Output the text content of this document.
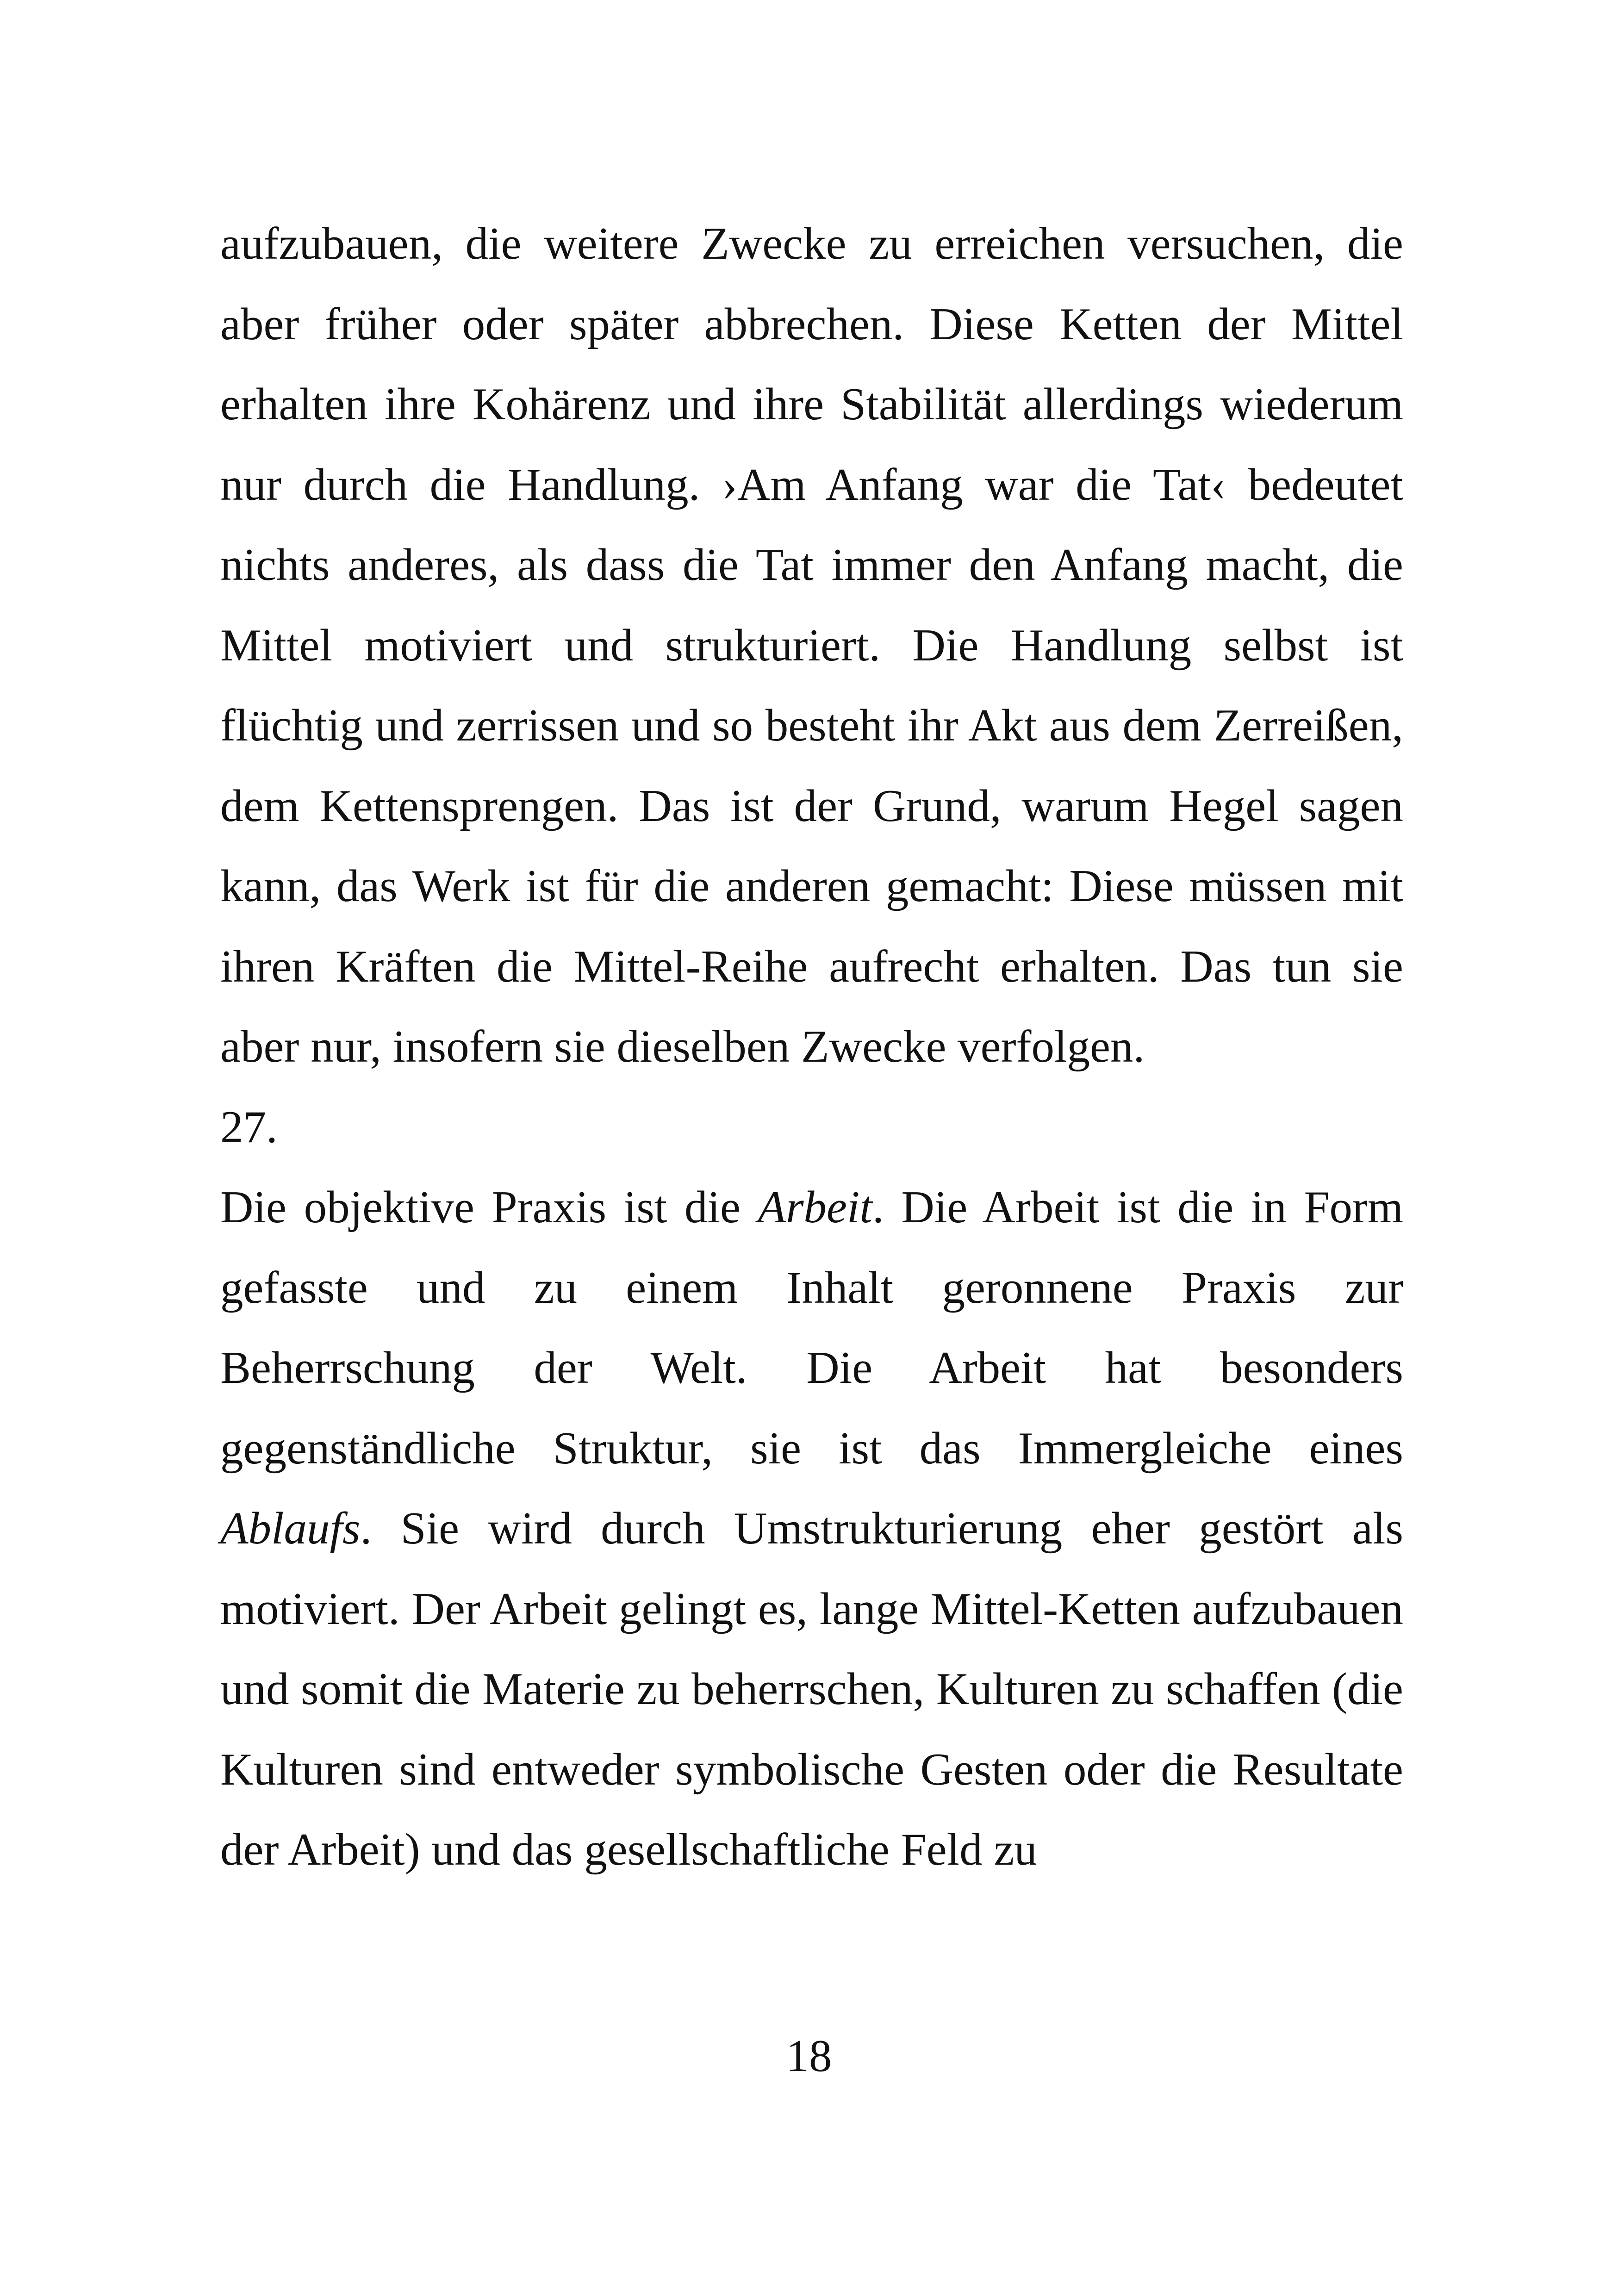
aufzubauen, die weitere Zwecke zu erreichen versuchen, die aber früher oder später abbrechen. Diese Ketten der Mittel erhalten ihre Kohärenz und ihre Stabilität allerdings wiederum nur durch die Handlung. ›Am Anfang war die Tat‹ bedeutet nichts anderes, als dass die Tat immer den Anfang macht, die Mittel motiviert und strukturiert. Die Handlung selbst ist flüchtig und zerrissen und so besteht ihr Akt aus dem Zerreißen, dem Kettensprengen. Das ist der Grund, warum Hegel sagen kann, das Werk ist für die anderen gemacht: Diese müssen mit ihren Kräften die Mittel-Reihe aufrecht erhalten. Das tun sie aber nur, insofern sie dieselben Zwecke verfolgen.

27.

Die objektive Praxis ist die Arbeit. Die Arbeit ist die in Form gefasste und zu einem Inhalt geronnene Praxis zur Beherrschung der Welt. Die Arbeit hat besonders gegenständliche Struktur, sie ist das Immergleiche eines Ablaufs. Sie wird durch Umstrukturierung eher gestört als motiviert. Der Arbeit gelingt es, lange Mittel-Ketten aufzubauen und somit die Materie zu beherrschen, Kulturen zu schaffen (die Kulturen sind entweder symbolische Gesten oder die Resultate der Arbeit) und das gesellschaftliche Feld zu

18
